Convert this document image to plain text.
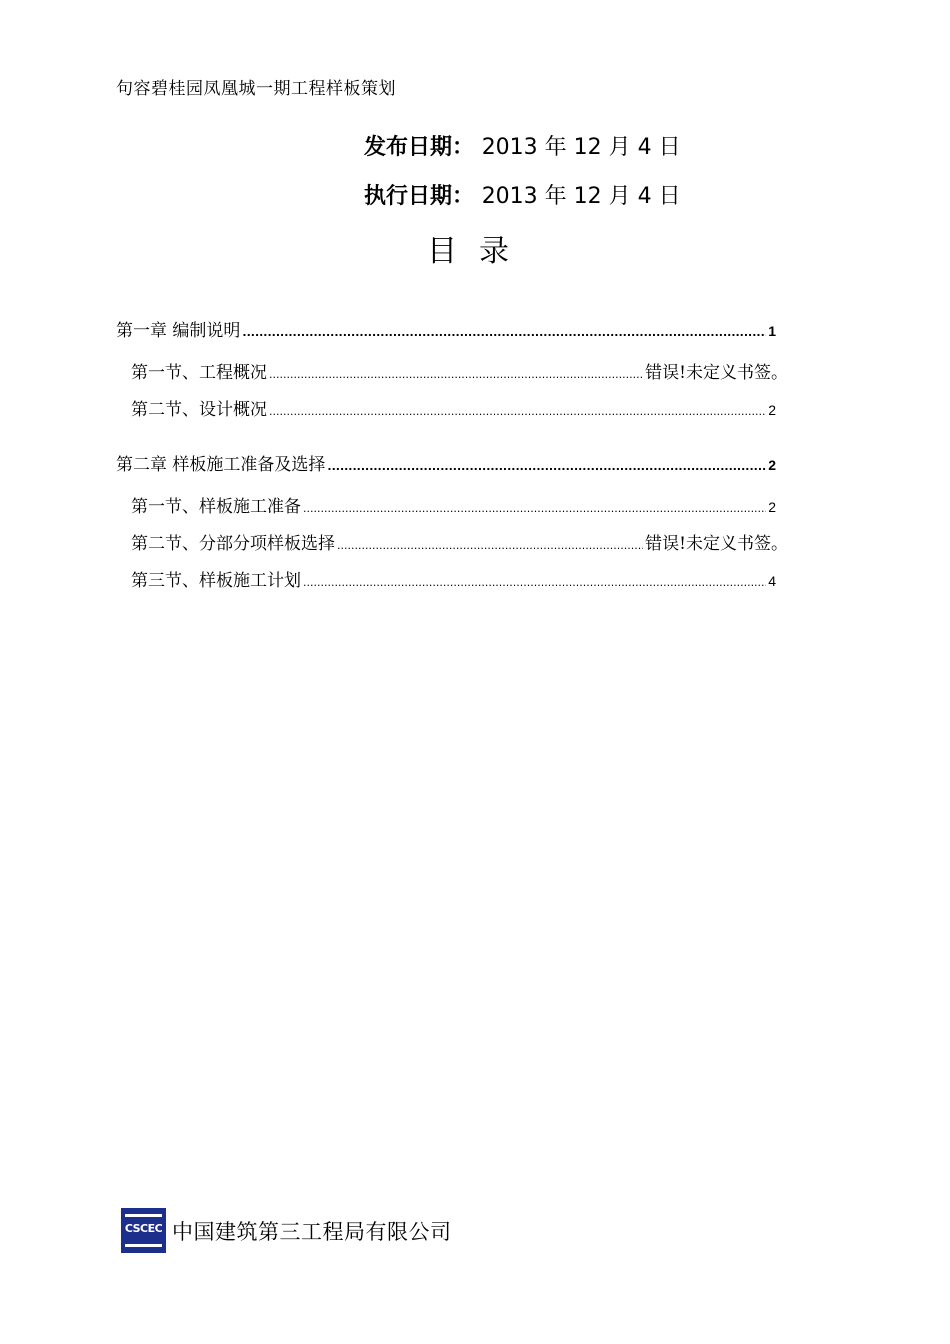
句容碧桂园凤凰城一期工程样板策划
发布日期： 2013 年 12 月 4 日
执行日期： 2013 年 12 月 4 日
目录
第一章 编制说明 .....	1
第一节、工程概况 .....	错误!未定义书签。
第二节、设计概况 .....	2
第二章 样板施工准备及选择 .....	2
第一节、样板施工准备 .....	2
第二节、分部分项样板选择 .....	错误!未定义书签。
第三节、样板施工计划 .....	4
CSCEC 中国建筑第三工程局有限公司
